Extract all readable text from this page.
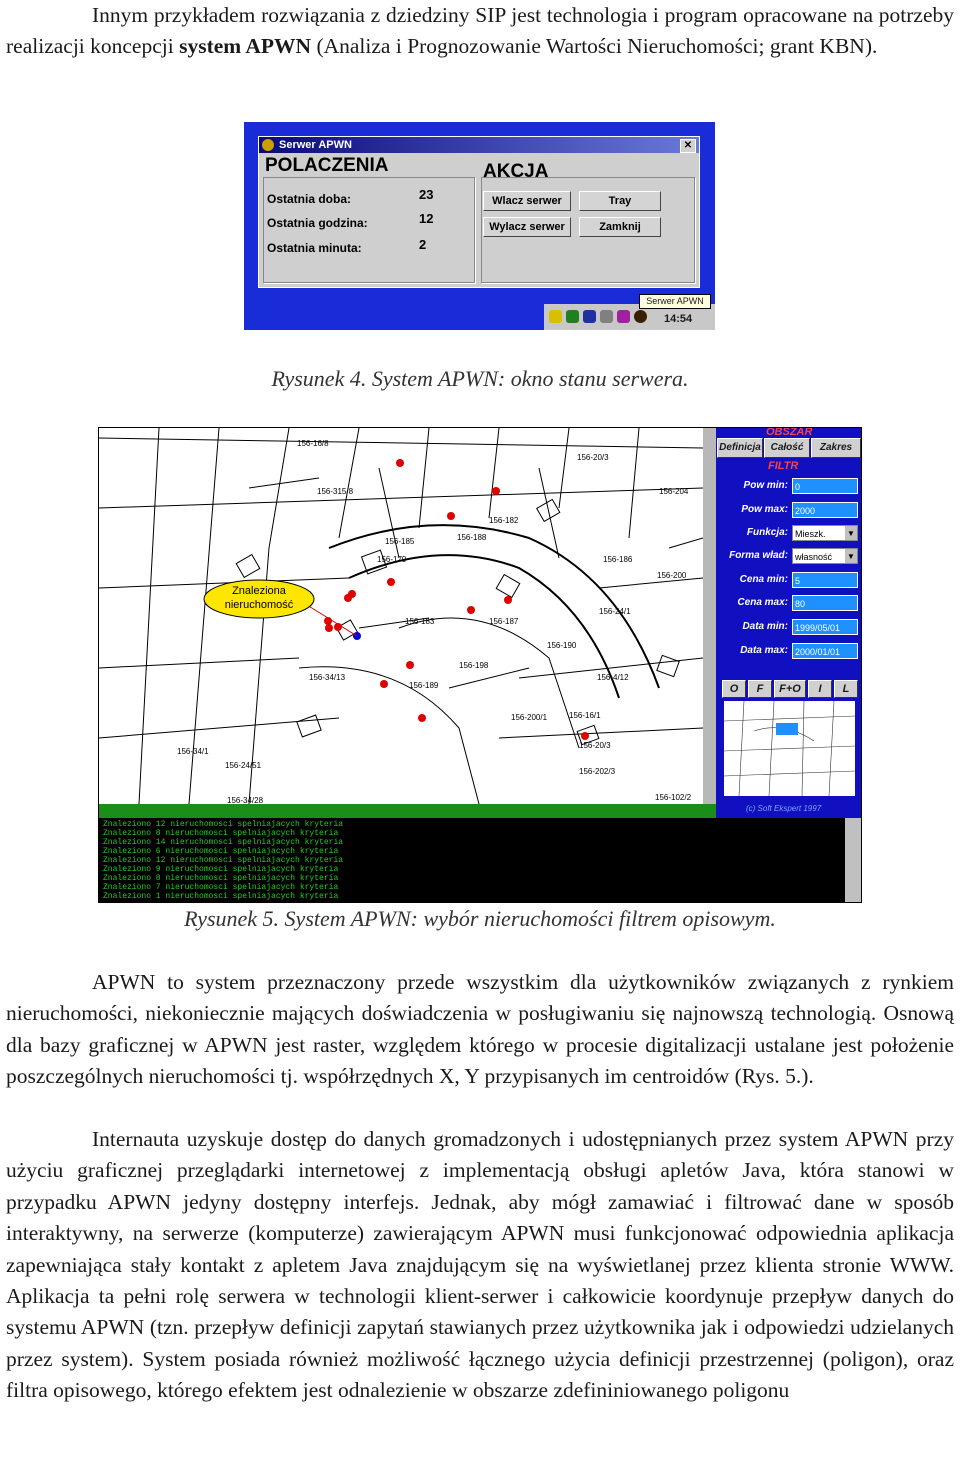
Innym przykładem rozwiązania z dziedziny SIP jest technologia i program opracowane na potrzeby realizacji koncepcji system APWN (Analiza i Prognozowanie Wartości Nieruchomości; grant KBN).
Serwer APWN	✕
POLACZENIA
Ostatnia doba:	23
Ostatnia godzina:	12
Ostatnia minuta:	2
AKCJA
Wlacz serwer
Wylacz serwer
Tray
Zamknij
Serwer APWN
14:54
Rysunek 4. System APWN: okno stanu serwera.
156-16/8
156-315/8
156-20/3
156-204
156-182
156-188
156-185
156-179	156-186
156-183	156-187
156-200
156-24/1
156-198
156-189
156-190
156-200/1
156-4/12
156-16/1
156-20/3
156-202/3
156-34/1
156-34/28	156-102/2
156-34/13
156-24/51
Znaleziona
nieruchomość
OBSZAR
Definicja Całość	Zakres
FILTR
Pow min: 0
Pow max: 2000
Funkcja: Mieszk.	▼
Forma wład: własność ▼
Cena min: 5
Cena max: 80
Data min: 1999/05/01
Data max: 2000/01/01
O	F	F+O	I	L
(c) Soft Ekspert 1997
Znaleziono 12 nieruchomosci spelniajacych kryteria
Znaleziono 8 nieruchomosci spelniajacych kryteria
Znaleziono 14 nieruchomosci spelniajacych kryteria
Znaleziono 6 nieruchomosci spelniajacych kryteria
Znaleziono 12 nieruchomosci spelniajacych kryteria
Znaleziono 9 nieruchomosci spelniajacych kryteria
Znaleziono 8 nieruchomosci spelniajacych kryteria
Znaleziono 7 nieruchomosci spelniajacych kryteria
Znaleziono 1 nieruchomosci spelniajacych kryteria
Rysunek 5. System APWN: wybór nieruchomości filtrem opisowym.
APWN to system przeznaczony przede wszystkim dla użytkowników związanych z rynkiem nieruchomości, niekoniecznie mających doświadczenia w posługiwaniu się najnowszą technologią. Osnową dla bazy graficznej w APWN jest raster, względem którego w procesie digitalizacji ustalane jest położenie poszczególnych nieruchomości tj. współrzędnych X, Y przypisanych im centroidów (Rys. 5.).
Internauta uzyskuje dostęp do danych gromadzonych i udostępnianych przez system APWN przy użyciu graficznej przeglądarki internetowej z implementacją obsługi apletów Java, która stanowi w przypadku APWN jedyny dostępny interfejs. Jednak, aby mógł zamawiać i filtrować dane w sposób interaktywny, na serwerze (komputerze) zawierającym APWN musi funkcjonować odpowiednia aplikacja zapewniająca stały kontakt z apletem Java znajdującym się na wyświetlanej przez klienta stronie WWW. Aplikacja ta pełni rolę serwera w technologii klient-serwer i całkowicie koordynuje przepływ danych do systemu APWN (tzn. przepływ definicji zapytań stawianych przez użytkownika jak i odpowiedzi udzielanych przez system). System posiada również możliwość łącznego użycia definicji przestrzennej (poligon), oraz filtra opisowego, którego efektem jest odnalezienie w obszarze zdefininiowanego poligonu
